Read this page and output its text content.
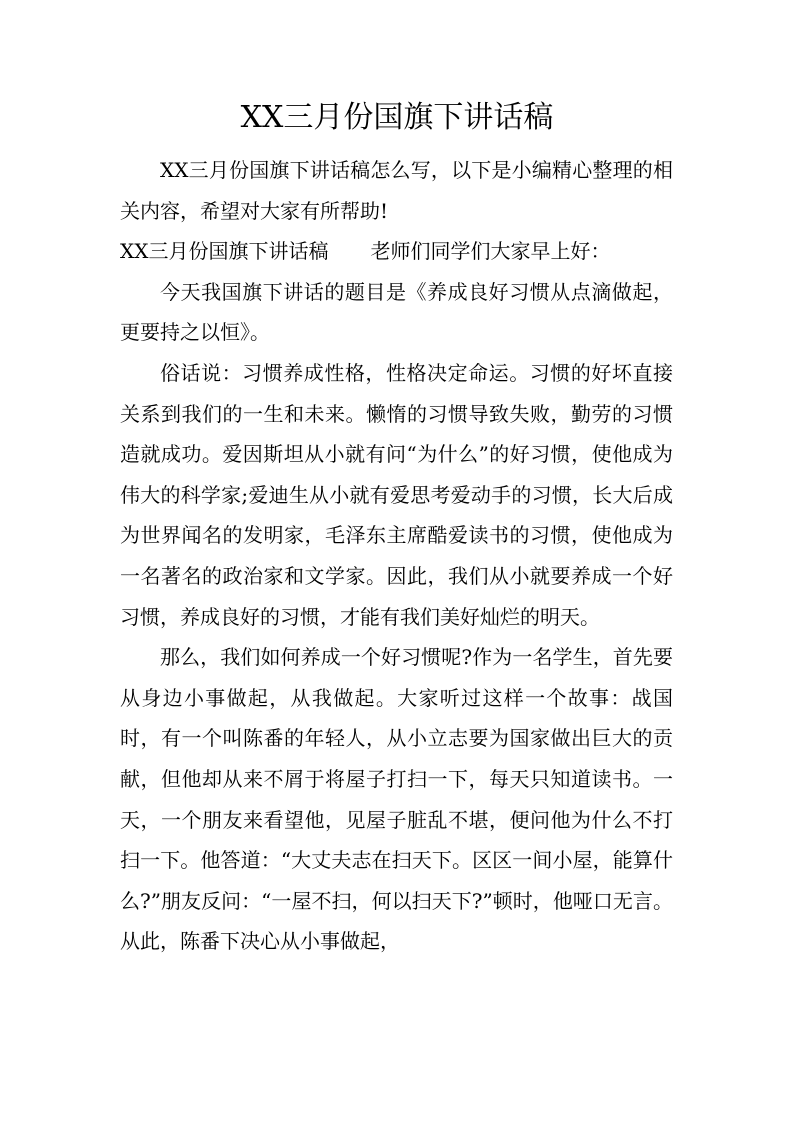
XX三月份国旗下讲话稿

XX三月份国旗下讲话稿怎么写，以下是小编精心整理的相关内容，希望对大家有所帮助!

XX三月份国旗下讲话稿 老师们同学们大家早上好：

今天我国旗下讲话的题目是《养成良好习惯从点滴做起，更要持之以恒》。

俗话说：习惯养成性格，性格决定命运。习惯的好坏直接关系到我们的一生和未来。懒惰的习惯导致失败，勤劳的习惯造就成功。爱因斯坦从小就有问“为什么”的好习惯，使他成为伟大的科学家;爱迪生从小就有爱思考爱动手的习惯，长大后成为世界闻名的发明家，毛泽东主席酷爱读书的习惯，使他成为一名著名的政治家和文学家。因此，我们从小就要养成一个好习惯，养成良好的习惯，才能有我们美好灿烂的明天。

那么，我们如何养成一个好习惯呢?作为一名学生，首先要从身边小事做起，从我做起。大家听过这样一个故事：战国时，有一个叫陈番的年轻人，从小立志要为国家做出巨大的贡献，但他却从来不屑于将屋子打扫一下，每天只知道读书。一天，一个朋友来看望他，见屋子脏乱不堪，便问他为什么不打扫一下。他答道：“大丈夫志在扫天下。区区一间小屋，能算什么?”朋友反问：“一屋不扫，何以扫天下?”顿时，他哑口无言。从此，陈番下决心从小事做起，
